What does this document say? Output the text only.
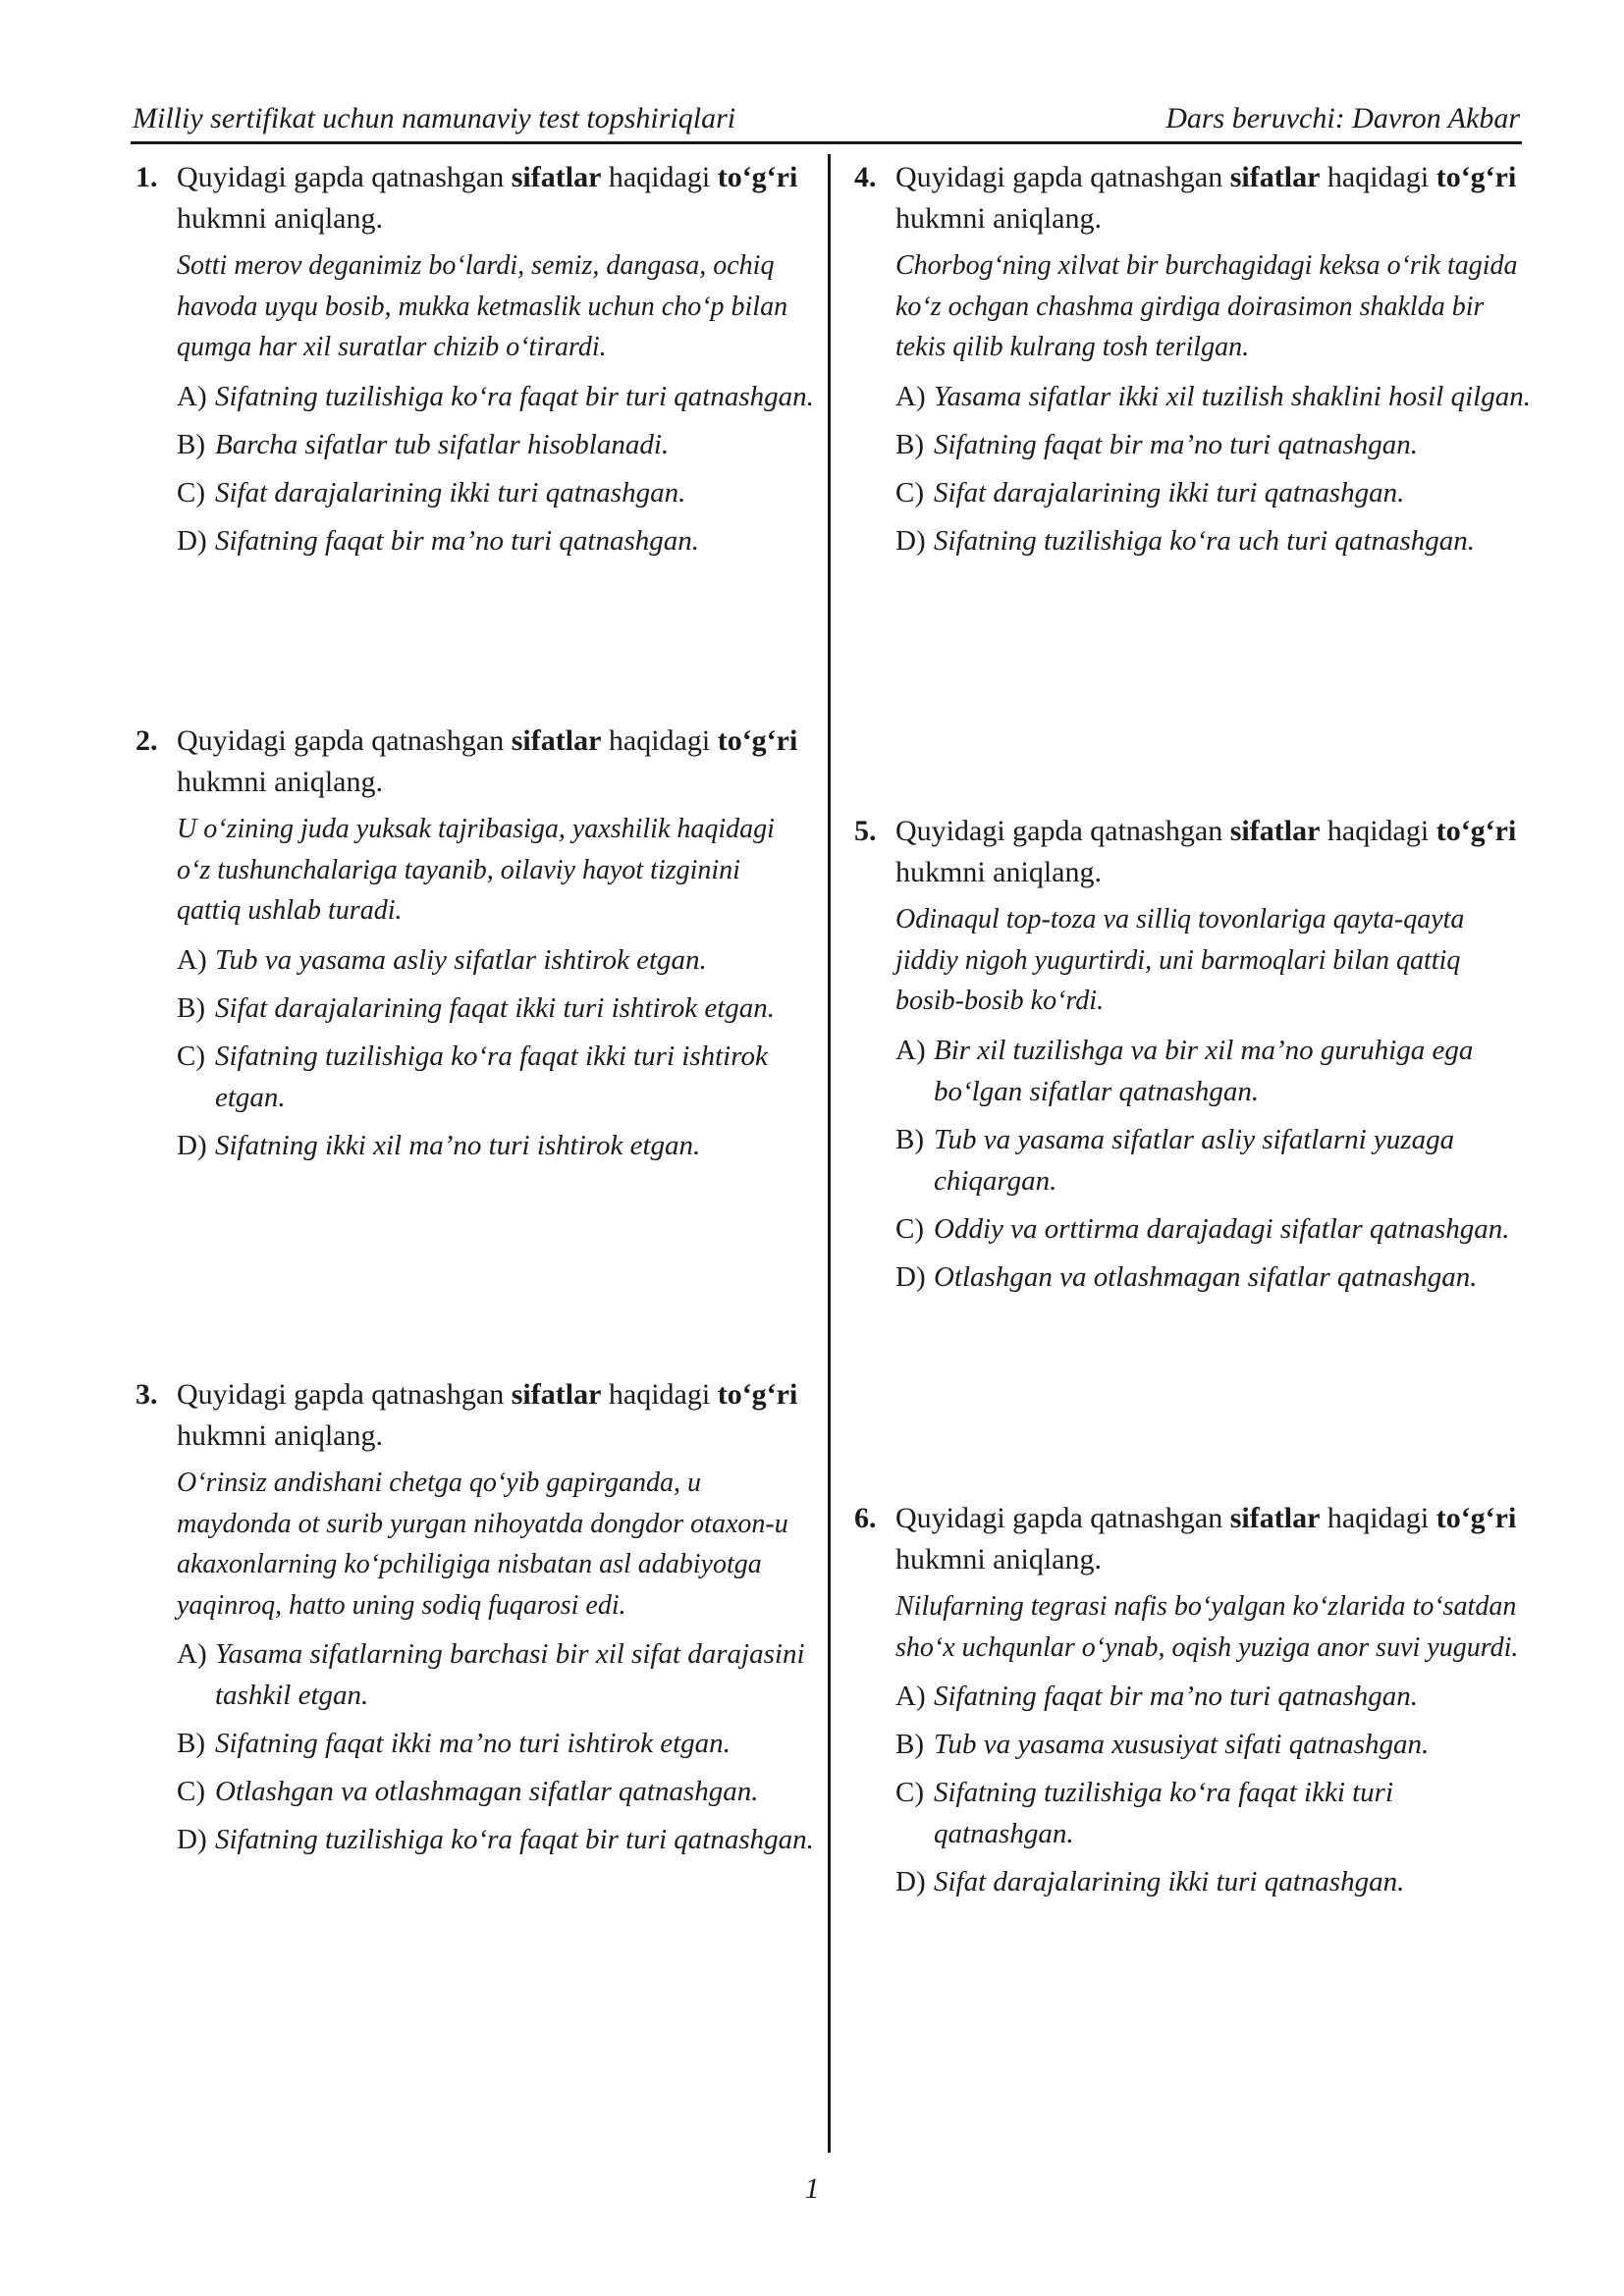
Milliy sertifikat uchun namunaviy test topshiriqlari	Dars beruvchi: Davron Akbar
1. Quyidagi gapda qatnashgan sifatlar haqidagi to‘g‘ri hukmni aniqlang.
Sotti merov deganimiz bo‘lardi, semiz, dangasa, ochiq havoda uyqu bosib, mukka ketmaslik uchun cho‘p bilan qumga har xil suratlar chizib o‘tirardi.
A) Sifatning tuzilishiga ko‘ra faqat bir turi qatnashgan.
B) Barcha sifatlar tub sifatlar hisoblanadi.
C) Sifat darajalarining ikki turi qatnashgan.
D) Sifatning faqat bir ma’no turi qatnashgan.
2. Quyidagi gapda qatnashgan sifatlar haqidagi to‘g‘ri hukmni aniqlang.
U o‘zining juda yuksak tajribasiga, yaxshilik haqidagi o‘z tushunchalariga tayanib, oilaviy hayot tizginini qattiq ushlab turadi.
A) Tub va yasama asliy sifatlar ishtirok etgan.
B) Sifat darajalarining faqat ikki turi ishtirok etgan.
C) Sifatning tuzilishiga ko‘ra faqat ikki turi ishtirok etgan.
D) Sifatning ikki xil ma’no turi ishtirok etgan.
3. Quyidagi gapda qatnashgan sifatlar haqidagi to‘g‘ri hukmni aniqlang.
O‘rinsiz andishani chetga qo‘yib gapirganda, u maydonda ot surib yurgan nihoyatda dongdor otaxon-u akaxonlarning ko‘pchiligiga nisbatan asl adabiyotga yaqinroq, hatto uning sodiq fuqarosi edi.
A) Yasama sifatlarning barchasi bir xil sifat darajasini tashkil etgan.
B) Sifatning faqat ikki ma’no turi ishtirok etgan.
C) Otlashgan va otlashmagan sifatlar qatnashgan.
D) Sifatning tuzilishiga ko‘ra faqat bir turi qatnashgan.
4. Quyidagi gapda qatnashgan sifatlar haqidagi to‘g‘ri hukmni aniqlang.
Chorbog‘ning xilvat bir burchagidagi keksa o‘rik tagida ko‘z ochgan chashma girdiga doirasimon shaklda bir tekis qilib kulrang tosh terilgan.
A) Yasama sifatlar ikki xil tuzilish shaklini hosil qilgan.
B) Sifatning faqat bir ma’no turi qatnashgan.
C) Sifat darajalarining ikki turi qatnashgan.
D) Sifatning tuzilishiga ko‘ra uch turi qatnashgan.
5. Quyidagi gapda qatnashgan sifatlar haqidagi to‘g‘ri hukmni aniqlang.
Odinaqul top-toza va silliq tovonlariga qayta-qayta jiddiy nigoh yugurtirdi, uni barmoqlari bilan qattiq bosib-bosib ko‘rdi.
A) Bir xil tuzilishga va bir xil ma’no guruhiga ega bo‘lgan sifatlar qatnashgan.
B) Tub va yasama sifatlar asliy sifatlarni yuzaga chiqargan.
C) Oddiy va orttirma darajadagi sifatlar qatnashgan.
D) Otlashgan va otlashmagan sifatlar qatnashgan.
6. Quyidagi gapda qatnashgan sifatlar haqidagi to‘g‘ri hukmni aniqlang.
Nilufarning tegrasi nafis bo‘yalgan ko‘zlarida to‘satdan sho‘x uchqunlar o‘ynab, oqish yuziga anor suvi yugurdi.
A) Sifatning faqat bir ma’no turi qatnashgan.
B) Tub va yasama xususiyat sifati qatnashgan.
C) Sifatning tuzilishiga ko‘ra faqat ikki turi qatnashgan.
D) Sifat darajalarining ikki turi qatnashgan.
1
